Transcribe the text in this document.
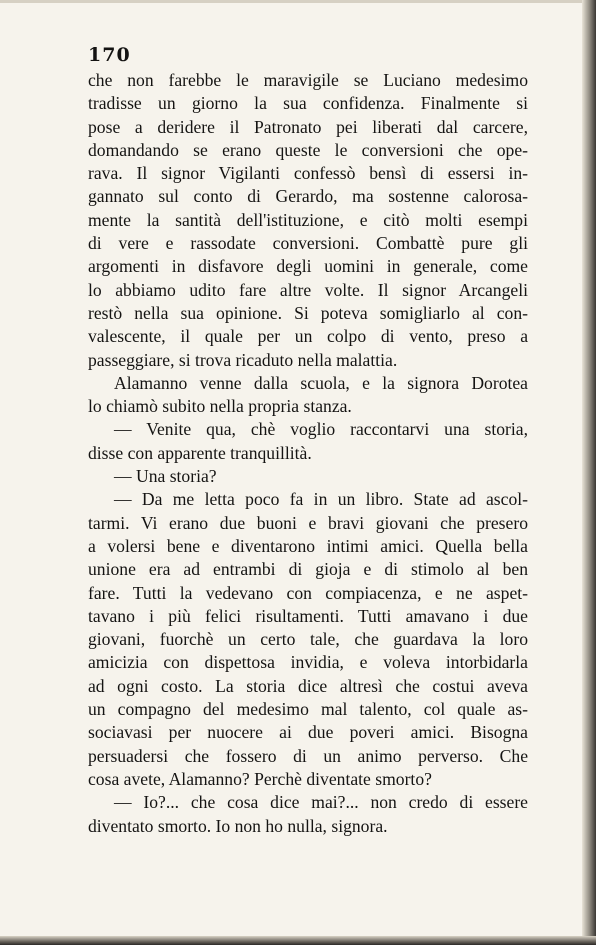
170
che non farebbe le maravigile se Luciano medesimo
tradisse un giorno la sua confidenza. Finalmente si
pose a deridere il Patronato pei liberati dal carcere,
domandando se erano queste le conversioni che ope-
rava. Il signor Vigilanti confessò bensì di essersi in-
gannato sul conto di Gerardo, ma sostenne calorosa-
mente la santità dell'istituzione, e citò molti esempi
di vere e rassodate conversioni. Combattè pure gli
argomenti in disfavore degli uomini in generale, come
lo abbiamo udito fare altre volte. Il signor Arcangeli
restò nella sua opinione. Si poteva somigliarlo al con-
valescente, il quale per un colpo di vento, preso a
passeggiare, si trova ricaduto nella malattia.
Alamanno venne dalla scuola, e la signora Dorotea
lo chiamò subito nella propria stanza.
— Venite qua, chè voglio raccontarvi una storia,
disse con apparente tranquillità.
— Una storia?
— Da me letta poco fa in un libro. State ad ascol-
tarmi. Vi erano due buoni e bravi giovani che presero
a volersi bene e diventarono intimi amici. Quella bella
unione era ad entrambi di gioja e di stimolo al ben
fare. Tutti la vedevano con compiacenza, e ne aspet-
tavano i più felici risultamenti. Tutti amavano i due
giovani, fuorchè un certo tale, che guardava la loro
amicizia con dispettosa invidia, e voleva intorbidarla
ad ogni costo. La storia dice altresì che costui aveva
un compagno del medesimo mal talento, col quale as-
sociavasi per nuocere ai due poveri amici. Bisogna
persuadersi che fossero di un animo perverso. Che
cosa avete, Alamanno? Perchè diventate smorto?
— Io?... che cosa dice mai?... non credo di essere
diventato smorto. Io non ho nulla, signora.
